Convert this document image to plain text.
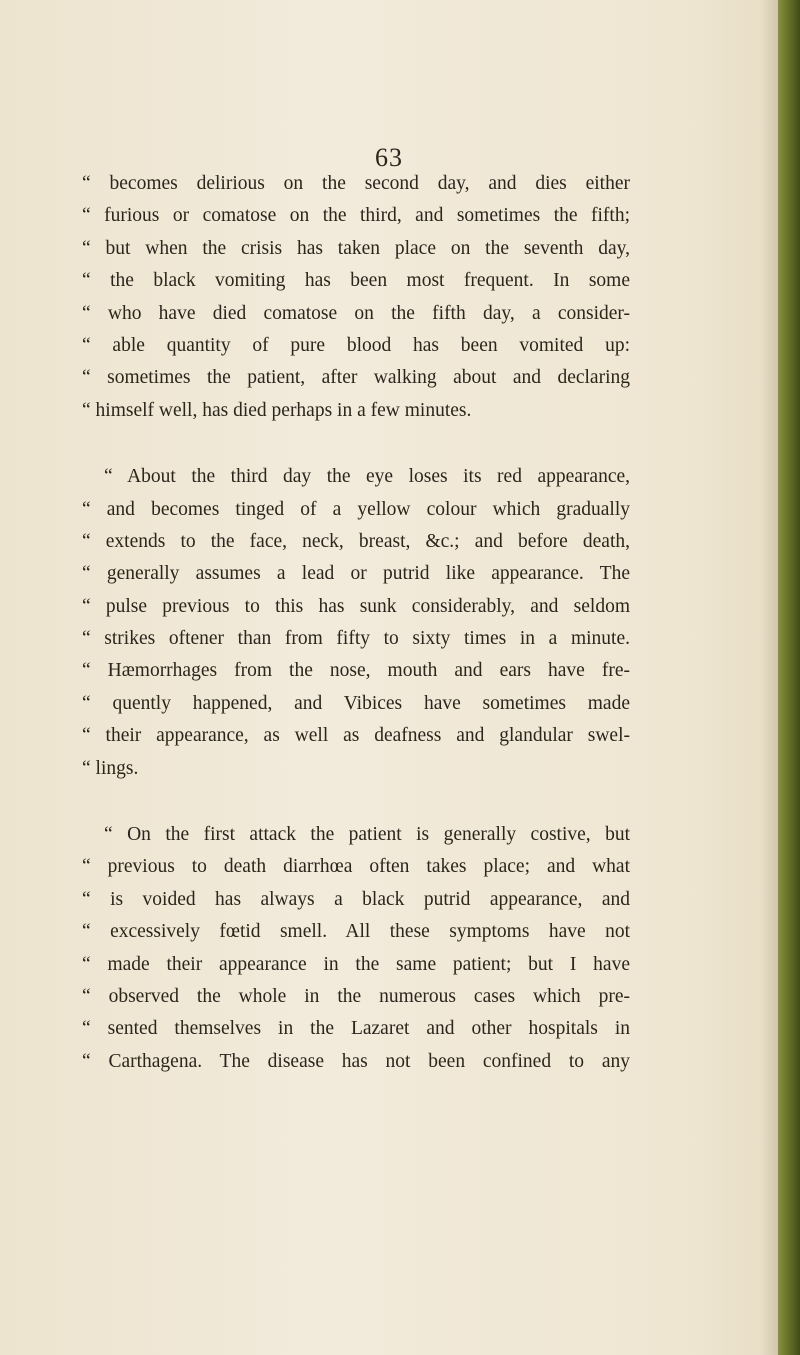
63
“ becomes delirious on the second day, and dies either
“ furious or comatose on the third, and sometimes the fifth;
“ but when the crisis has taken place on the seventh day,
“ the black vomiting has been most frequent. In some
“ who have died comatose on the fifth day, a consider-
“ able quantity of pure blood has been vomited up:
“ sometimes the patient, after walking about and declaring
“ himself well, has died perhaps in a few minutes.
“ About the third day the eye loses its red appearance,
“ and becomes tinged of a yellow colour which gradually
“ extends to the face, neck, breast, &c.; and before death,
“ generally assumes a lead or putrid like appearance. The
“ pulse previous to this has sunk considerably, and seldom
“ strikes oftener than from fifty to sixty times in a minute.
“ Hæmorrhages from the nose, mouth and ears have fre-
“ quently happened, and Vibices have sometimes made
“ their appearance, as well as deafness and glandular swel-
“ lings.
“ On the first attack the patient is generally costive, but
“ previous to death diarrhœa often takes place; and what
“ is voided has always a black putrid appearance, and
“ excessively fœtid smell. All these symptoms have not
“ made their appearance in the same patient; but I have
“ observed the whole in the numerous cases which pre-
“ sented themselves in the Lazaret and other hospitals in
“ Carthagena. The disease has not been confined to any
